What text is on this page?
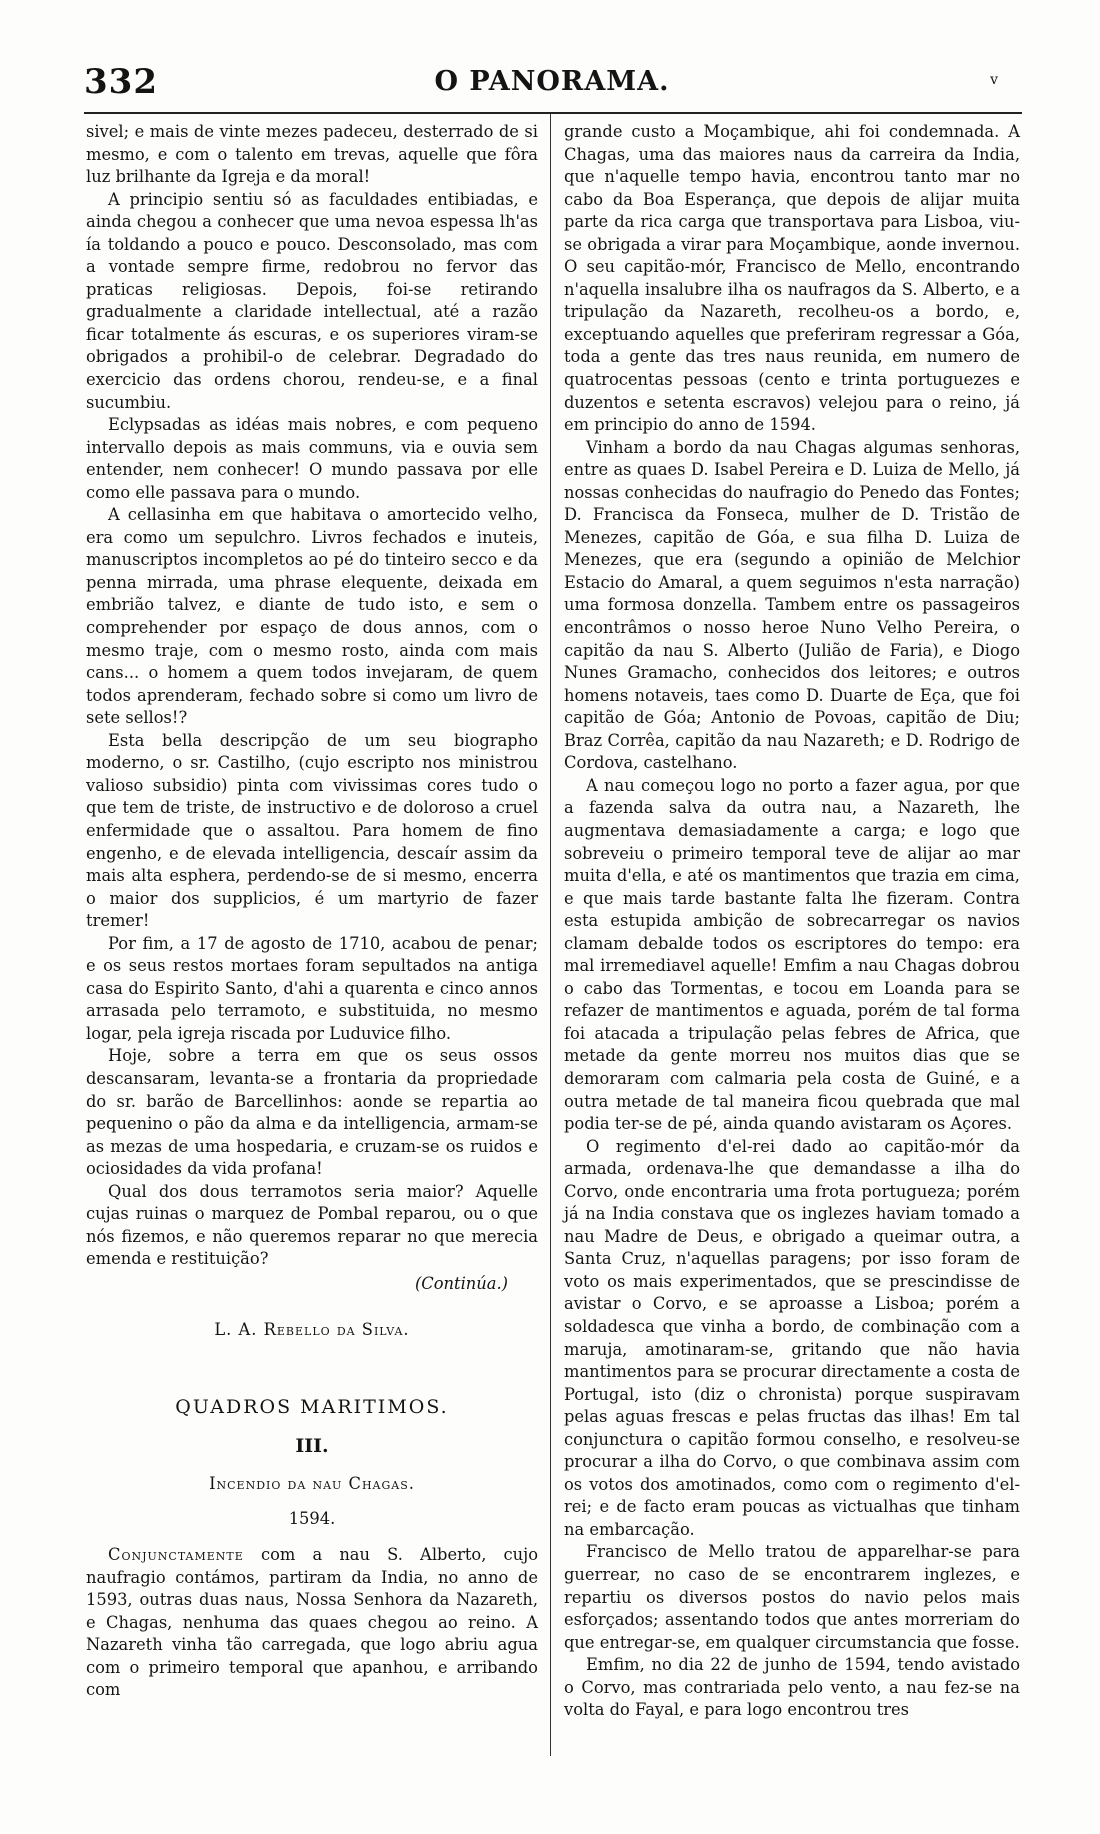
332	O PANORAMA.	v

sivel; e mais de vinte mezes padeceu, desterrado de si mesmo, e com o talento em trevas, aquelle que fôra luz brilhante da Igreja e da moral!

A principio sentiu só as faculdades entibiadas, e ainda chegou a conhecer que uma nevoa espessa lh'as ía toldando a pouco e pouco. Desconsolado, mas com a vontade sempre firme, redobrou no fervor das praticas religiosas. Depois, foi-se retirando gradualmente a claridade intellectual, até a razão ficar totalmente ás escuras, e os superiores viram-se obrigados a prohibil-o de celebrar. Degradado do exercicio das ordens chorou, rendeu-se, e a final sucumbiu.

Eclypsadas as idéas mais nobres, e com pequeno intervallo depois as mais communs, via e ouvia sem entender, nem conhecer! O mundo passava por elle como elle passava para o mundo.

A cellasinha em que habitava o amortecido velho, era como um sepulchro. Livros fechados e inuteis, manuscriptos incompletos ao pé do tinteiro secco e da penna mirrada, uma phrase elequente, deixada em embrião talvez, e diante de tudo isto, e sem o comprehender por espaço de dous annos, com o mesmo traje, com o mesmo rosto, ainda com mais cans... o homem a quem todos invejaram, de quem todos aprenderam, fechado sobre si como um livro de sete sellos!?

Esta bella descripção de um seu biographo moderno, o sr. Castilho, (cujo escripto nos ministrou valioso subsidio) pinta com vivissimas cores tudo o que tem de triste, de instructivo e de doloroso a cruel enfermidade que o assaltou. Para homem de fino engenho, e de elevada intelligencia, descaír assim da mais alta esphera, perdendo-se de si mesmo, encerra o maior dos supplicios, é um martyrio de fazer tremer!

Por fim, a 17 de agosto de 1710, acabou de penar; e os seus restos mortaes foram sepultados na antiga casa do Espirito Santo, d'ahi a quarenta e cinco annos arrasada pelo terramoto, e substituida, no mesmo logar, pela igreja riscada por Luduvice filho.

Hoje, sobre a terra em que os seus ossos descansaram, levanta-se a frontaria da propriedade do sr. barão de Barcellinhos: aonde se repartia ao pequenino o pão da alma e da intelligencia, armam-se as mezas de uma hospedaria, e cruzam-se os ruidos e ociosidades da vida profana!

Qual dos dous terramotos seria maior? Aquelle cujas ruinas o marquez de Pombal reparou, ou o que nós fizemos, e não queremos reparar no que merecia emenda e restituição?

(Continúa.)

L. A. Rebello da Silva.

QUADROS MARITIMOS.
III.
Incendio da nau Chagas.
1594.

Conjunctamente com a nau S. Alberto, cujo naufragio contámos, partiram da India, no anno de 1593, outras duas naus, Nossa Senhora da Nazareth, e Chagas, nenhuma das quaes chegou ao reino. A Nazareth vinha tão carregada, que logo abriu agua com o primeiro temporal que apanhou, e arribando com

grande custo a Moçambique, ahi foi condemnada. A Chagas, uma das maiores naus da carreira da India, que n'aquelle tempo havia, encontrou tanto mar no cabo da Boa Esperança, que depois de alijar muita parte da rica carga que transportava para Lisboa, viu-se obrigada a virar para Moçambique, aonde invernou. O seu capitão-mór, Francisco de Mello, encontrando n'aquella insalubre ilha os naufragos da S. Alberto, e a tripulação da Nazareth, recolheu-os a bordo, e, exceptuando aquelles que preferiram regressar a Góa, toda a gente das tres naus reunida, em numero de quatrocentas pessoas (cento e trinta portuguezes e duzentos e setenta escravos) velejou para o reino, já em principio do anno de 1594.

Vinham a bordo da nau Chagas algumas senhoras, entre as quaes D. Isabel Pereira e D. Luiza de Mello, já nossas conhecidas do naufragio do Penedo das Fontes; D. Francisca da Fonseca, mulher de D. Tristão de Menezes, capitão de Góa, e sua filha D. Luiza de Menezes, que era (segundo a opinião de Melchior Estacio do Amaral, a quem seguimos n'esta narração) uma formosa donzella. Tambem entre os passageiros encontrâmos o nosso heroe Nuno Velho Pereira, o capitão da nau S. Alberto (Julião de Faria), e Diogo Nunes Gramacho, conhecidos dos leitores; e outros homens notaveis, taes como D. Duarte de Eça, que foi capitão de Góa; Antonio de Povoas, capitão de Diu; Braz Corrêa, capitão da nau Nazareth; e D. Rodrigo de Cordova, castelhano.

A nau começou logo no porto a fazer agua, por que a fazenda salva da outra nau, a Nazareth, lhe augmentava demasiadamente a carga; e logo que sobreveiu o primeiro temporal teve de alijar ao mar muita d'ella, e até os mantimentos que trazia em cima, e que mais tarde bastante falta lhe fizeram. Contra esta estupida ambição de sobrecarregar os navios clamam debalde todos os escriptores do tempo: era mal irremediavel aquelle! Emfim a nau Chagas dobrou o cabo das Tormentas, e tocou em Loanda para se refazer de mantimentos e aguada, porém de tal forma foi atacada a tripulação pelas febres de Africa, que metade da gente morreu nos muitos dias que se demoraram com calmaria pela costa de Guiné, e a outra metade de tal maneira ficou quebrada que mal podia ter-se de pé, ainda quando avistaram os Açores.

O regimento d'el-rei dado ao capitão-mór da armada, ordenava-lhe que demandasse a ilha do Corvo, onde encontraria uma frota portugueza; porém já na India constava que os inglezes haviam tomado a nau Madre de Deus, e obrigado a queimar outra, a Santa Cruz, n'aquellas paragens; por isso foram de voto os mais experimentados, que se prescindisse de avistar o Corvo, e se aproasse a Lisboa; porém a soldadesca que vinha a bordo, de combinação com a maruja, amotinaram-se, gritando que não havia mantimentos para se procurar directamente a costa de Portugal, isto (diz o chronista) porque suspiravam pelas aguas frescas e pelas fructas das ilhas! Em tal conjunctura o capitão formou conselho, e resolveu-se procurar a ilha do Corvo, o que combinava assim com os votos dos amotinados, como com o regimento d'el-rei; e de facto eram poucas as victualhas que tinham na embarcação.

Francisco de Mello tratou de apparelhar-se para guerrear, no caso de se encontrarem inglezes, e repartiu os diversos postos do navio pelos mais esforçados; assentando todos que antes morreriam do que entregar-se, em qualquer circumstancia que fosse.

Emfim, no dia 22 de junho de 1594, tendo avistado o Corvo, mas contrariada pelo vento, a nau fez-se na volta do Fayal, e para logo encontrou tres
